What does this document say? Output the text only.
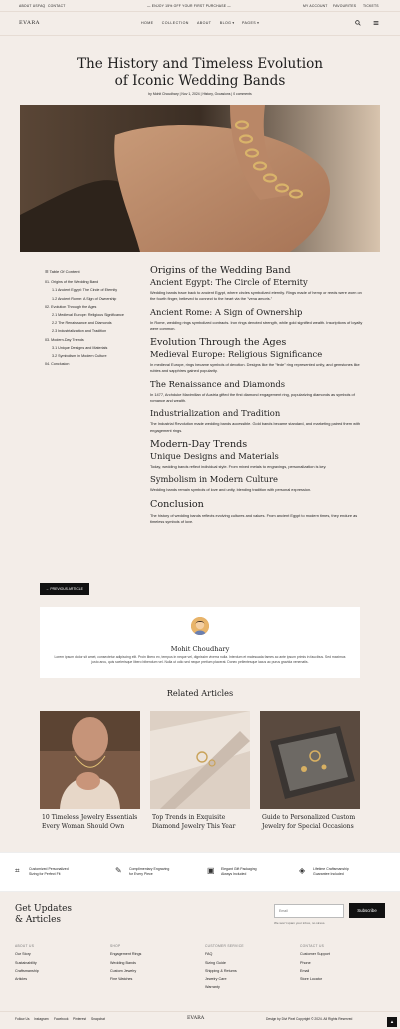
ABOUT US FAQ CONTACT	— ENJOY 15% OFF YOUR FIRST PURCHASE —	MY ACCOUNT FAVOURITES TICKETS
EVARA	HOME COLLECTION ABOUT BLOG▾ PAGES▾
The History and Timeless Evolution
of Iconic Wedding Bands
by Mohit Choudhary | Nov 1, 2024 | History, Occasions | 0 comments
☰ Table Of Content
01. Origins of the Wedding Band
1.1 Ancient Egypt: The Circle of Eternity
1.2 Ancient Rome: A Sign of Ownership
02. Evolution Through the Ages
2.1 Medieval Europe: Religious Significance
2.2 The Renaissance and Diamonds
2.3 Industrialization and Tradition
03. Modern-Day Trends
3.1 Unique Designs and Materials
3.2 Symbolism in Modern Culture
04. Conclusion
Origins of the Wedding Band
Ancient Egypt: The Circle of Eternity

Wedding bands trace back to ancient Egypt, where circles symbolized eternity. Rings made of hemp or reeds were worn on the fourth finger, believed to connect to the heart via the "vena amoris."

Ancient Rome: A Sign of Ownership

In Rome, wedding rings symbolized contracts. Iron rings denoted strength, while gold signified wealth. Inscriptions of loyalty were common.

Evolution Through the Ages
Medieval Europe: Religious Significance

In medieval Europe, rings became symbols of devotion. Designs like the "fede" ring represented unity, and gemstones like rubies and sapphires gained popularity.

The Renaissance and Diamonds

In 1477, Archduke Maximilian of Austria gifted the first diamond engagement ring, popularizing diamonds as symbols of romance and wealth.

Industrialization and Tradition

The Industrial Revolution made wedding bands accessible. Gold bands became standard, and marketing paired them with engagement rings.

Modern-Day Trends
Unique Designs and Materials

Today, wedding bands reflect individual style. From mixed metals to engravings, personalization is key.

Symbolism in Modern Culture

Wedding bands remain symbols of love and unity, blending tradition with personal expression.

Conclusion

The history of wedding bands reflects evolving cultures and values. From ancient Egypt to modern times, they endure as timeless symbols of love.

← PREVIOUS ARTICLE
Mohit Choudhary
Lorem ipsum dolor sit amet, consectetur adipiscing elit. Proin libero ex, tempus in neque vel, dignissim viverra nulla. Interdum et malesuada fames ac ante ipsum primis in faucibus. Sed maximus justo arcu, quis scelerisque libero bibendum vel. Nulla ut odio sed neque pretium placerat. Donec pellentesque lacus ac purus gravida venenatis.
Related Articles
10 Timeless Jewelry Essentials
Every Woman Should Own
Top Trends in Exquisite
Diamond Jewelry This Year
Guide to Personalized Custom
Jewelry for Special Occasions
⌗	Customized Personalized
Sizing for Perfect Fit	✎ Complimentary Engraving
for Every Piece	▣ Elegant Gift Packaging
Always Included	◈ Lifetime Craftsmanship
Guarantee Included
Get Updates
& Articles
Email
Subscribe
We won't spam your inbox, no stress.
ABOUT US
Our Story
Sustainability
Craftsmanship
Articles
SHOP
Engagement Rings
Wedding Bands
Custom Jewelry
Fine Watches
CUSTOMER SERVICE
FAQ
Sizing Guide
Shipping & Returns
Jewelry Care
Warranty
CONTACT US
Customer Support
Phone
Email
Store Locator
Follow Us Instagram Facebook Pinterest Snapchat	EVARA	Design by Divi Pixel Copyright © 2024. All Rights Reserved	▴
